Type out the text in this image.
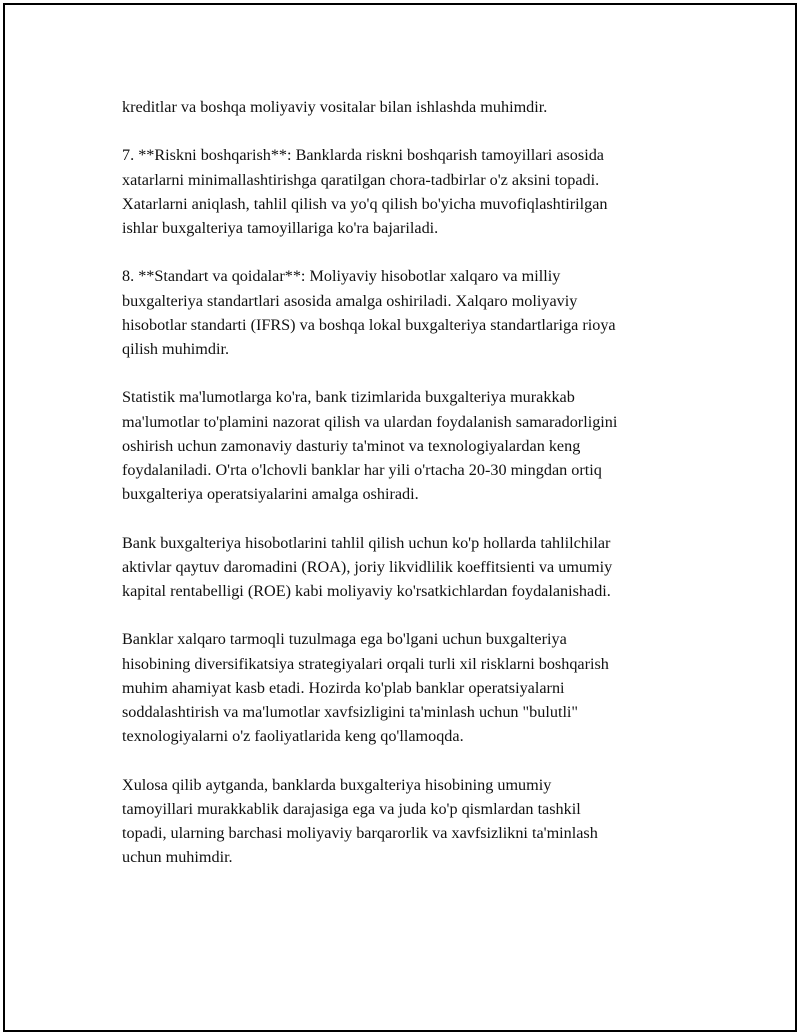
kreditlar va boshqa moliyaviy vositalar bilan ishlashda muhimdir.

7. **Riskni boshqarish**: Banklarda riskni boshqarish tamoyillari asosida
xatarlarni minimallashtirishga qaratilgan chora-tadbirlar o'z aksini topadi.
Xatarlarni aniqlash, tahlil qilish va yo'q qilish bo'yicha muvofiqlashtirilgan
ishlar buxgalteriya tamoyillariga ko'ra bajariladi.

8. **Standart va qoidalar**: Moliyaviy hisobotlar xalqaro va milliy
buxgalteriya standartlari asosida amalga oshiriladi. Xalqaro moliyaviy
hisobotlar standarti (IFRS) va boshqa lokal buxgalteriya standartlariga rioya
qilish muhimdir.

Statistik ma'lumotlarga ko'ra, bank tizimlarida buxgalteriya murakkab
ma'lumotlar to'plamini nazorat qilish va ulardan foydalanish samaradorligini
oshirish uchun zamonaviy dasturiy ta'minot va texnologiyalardan keng
foydalaniladi. O'rta o'lchovli banklar har yili o'rtacha 20-30 mingdan ortiq
buxgalteriya operatsiyalarini amalga oshiradi.

Bank buxgalteriya hisobotlarini tahlil qilish uchun ko'p hollarda tahlilchilar
aktivlar qaytuv daromadini (ROA), joriy likvidlilik koeffitsienti va umumiy
kapital rentabelligi (ROE) kabi moliyaviy ko'rsatkichlardan foydalanishadi.

Banklar xalqaro tarmoqli tuzulmaga ega bo'lgani uchun buxgalteriya
hisobining diversifikatsiya strategiyalari orqali turli xil risklarni boshqarish
muhim ahamiyat kasb etadi. Hozirda ko'plab banklar operatsiyalarni
soddalashtirish va ma'lumotlar xavfsizligini ta'minlash uchun "bulutli"
texnologiyalarni o'z faoliyatlarida keng qo'llamoqda.

Xulosa qilib aytganda, banklarda buxgalteriya hisobining umumiy
tamoyillari murakkablik darajasiga ega va juda ko'p qismlardan tashkil
topadi, ularning barchasi moliyaviy barqarorlik va xavfsizlikni ta'minlash
uchun muhimdir.
